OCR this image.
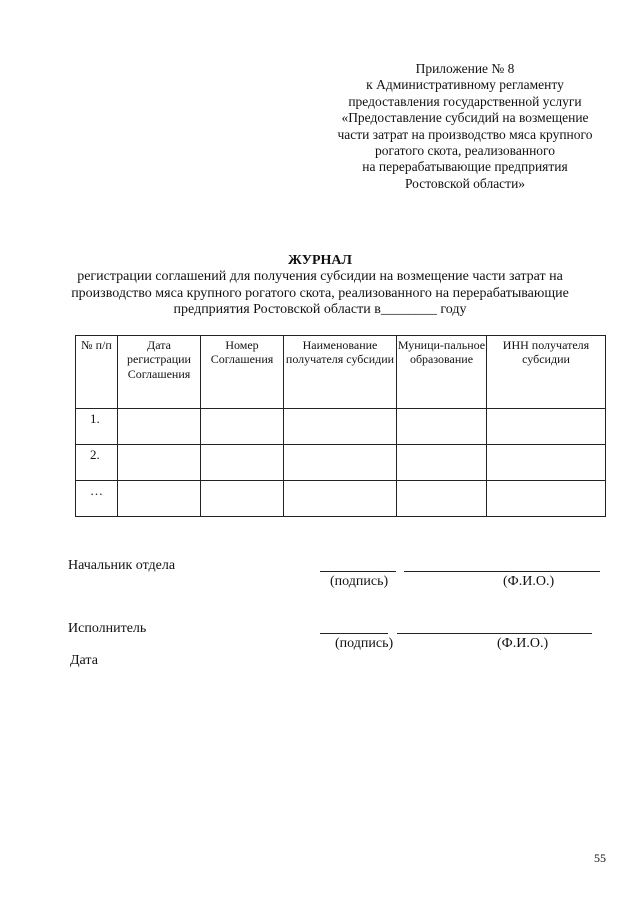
Приложение № 8
к Административному регламенту
предоставления государственной услуги
«Предоставление субсидий на возмещение
части затрат на производство мяса крупного
рогатого скота, реализованного
на перерабатывающие предприятия
Ростовской области»
ЖУРНАЛ
регистрации соглашений для получения субсидии на возмещение части затрат на
производство мяса крупного рогатого скота, реализованного на перерабатывающие
предприятия Ростовской области в________ году
№ п/п	Дата регистрации Соглашения	Номер Соглашения	Наименование получателя субсидии	Муници-пальное образование	ИНН получателя субсидии
1.					
2.					
…					
Начальник отдела
(подпись)	(Ф.И.О.)
Исполнитель
(подпись)	(Ф.И.О.)
Дата
55
